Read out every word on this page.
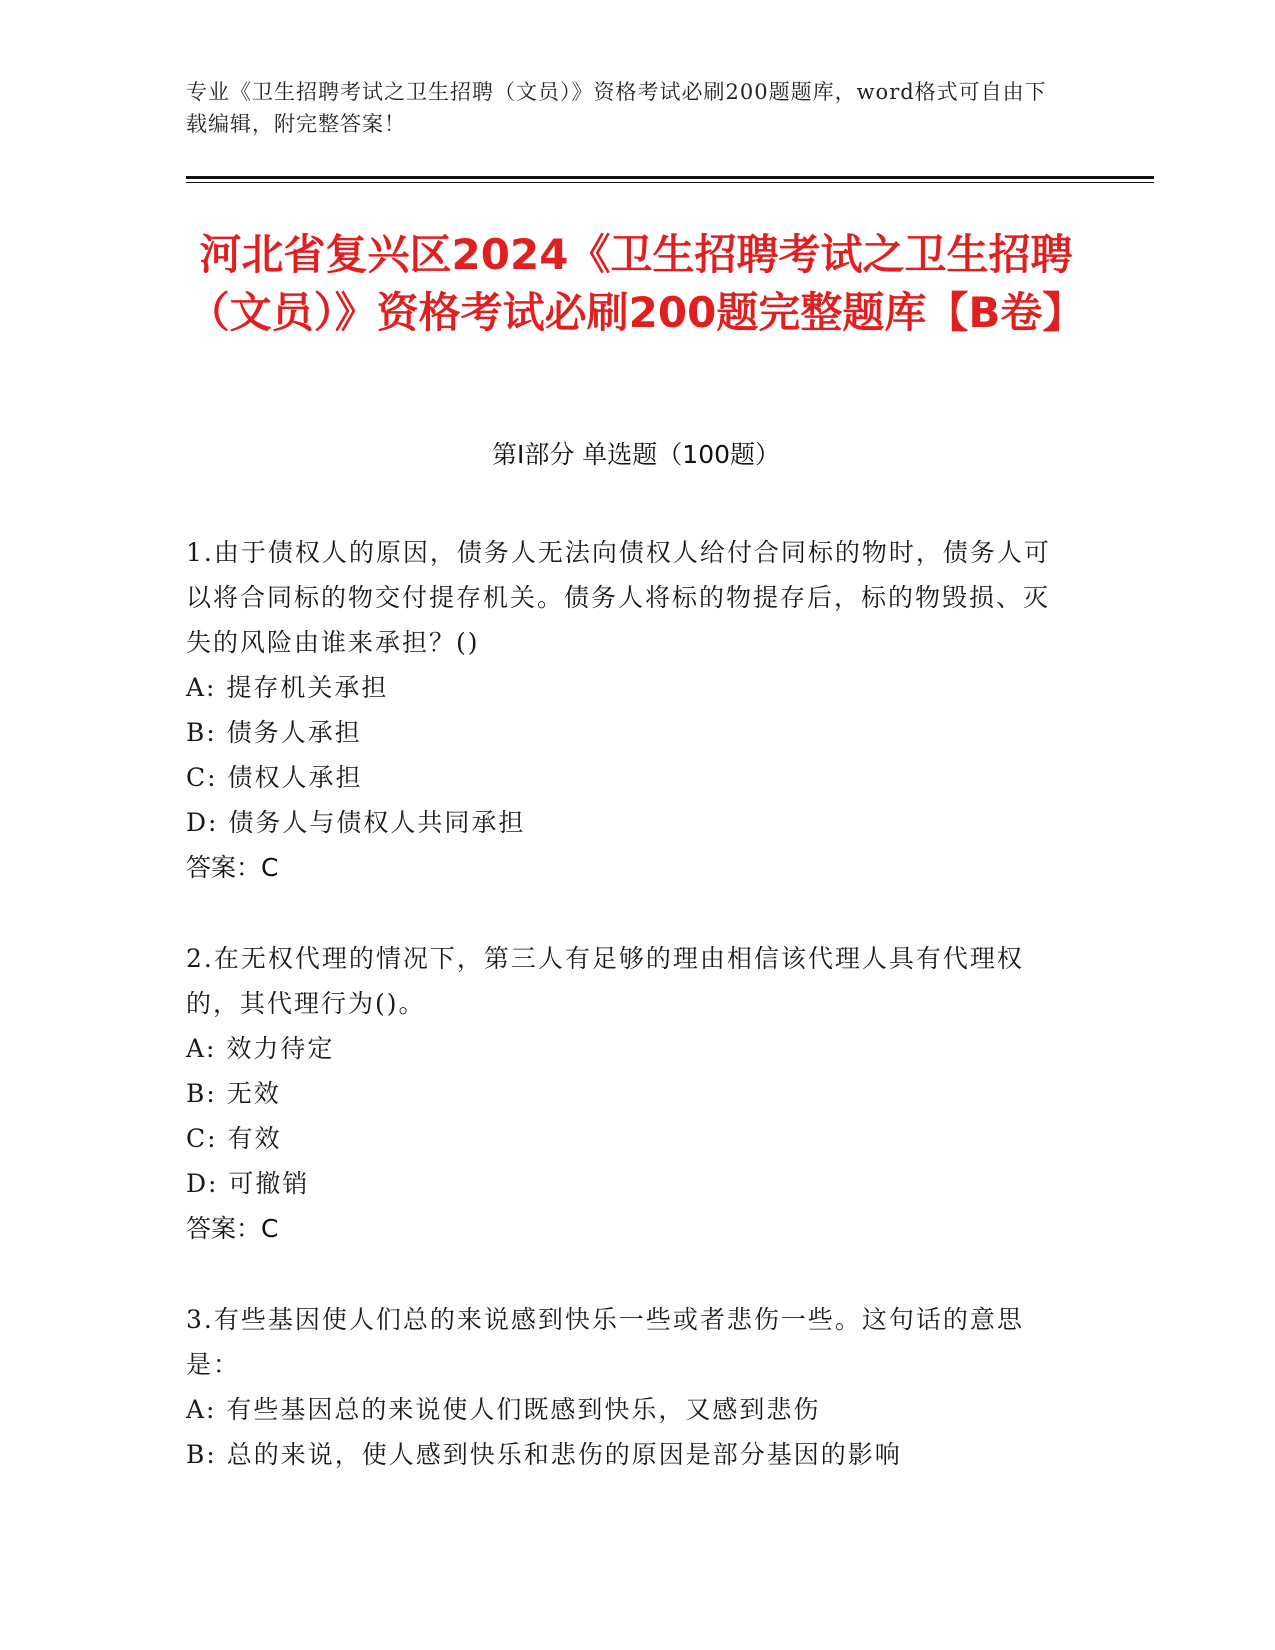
专业《卫生招聘考试之卫生招聘（文员）》资格考试必刷200题题库，word格式可自由下载编辑，附完整答案！
河北省复兴区2024《卫生招聘考试之卫生招聘（文员）》资格考试必刷200题完整题库【B卷】
第I部分 单选题（100题）

1.由于债权人的原因，债务人无法向债权人给付合同标的物时，债务人可以将合同标的物交付提存机关。债务人将标的物提存后，标的物毁损、灭失的风险由谁来承担？()

A: 提存机关承担

B: 债务人承担

C: 债权人承担

D: 债务人与债权人共同承担

答案：C

2.在无权代理的情况下，第三人有足够的理由相信该代理人具有代理权的，其代理行为()。

A: 效力待定

B: 无效

C: 有效

D: 可撤销

答案：C

3.有些基因使人们总的来说感到快乐一些或者悲伤一些。这句话的意思是：

A: 有些基因总的来说使人们既感到快乐，又感到悲伤

B: 总的来说，使人感到快乐和悲伤的原因是部分基因的影响
